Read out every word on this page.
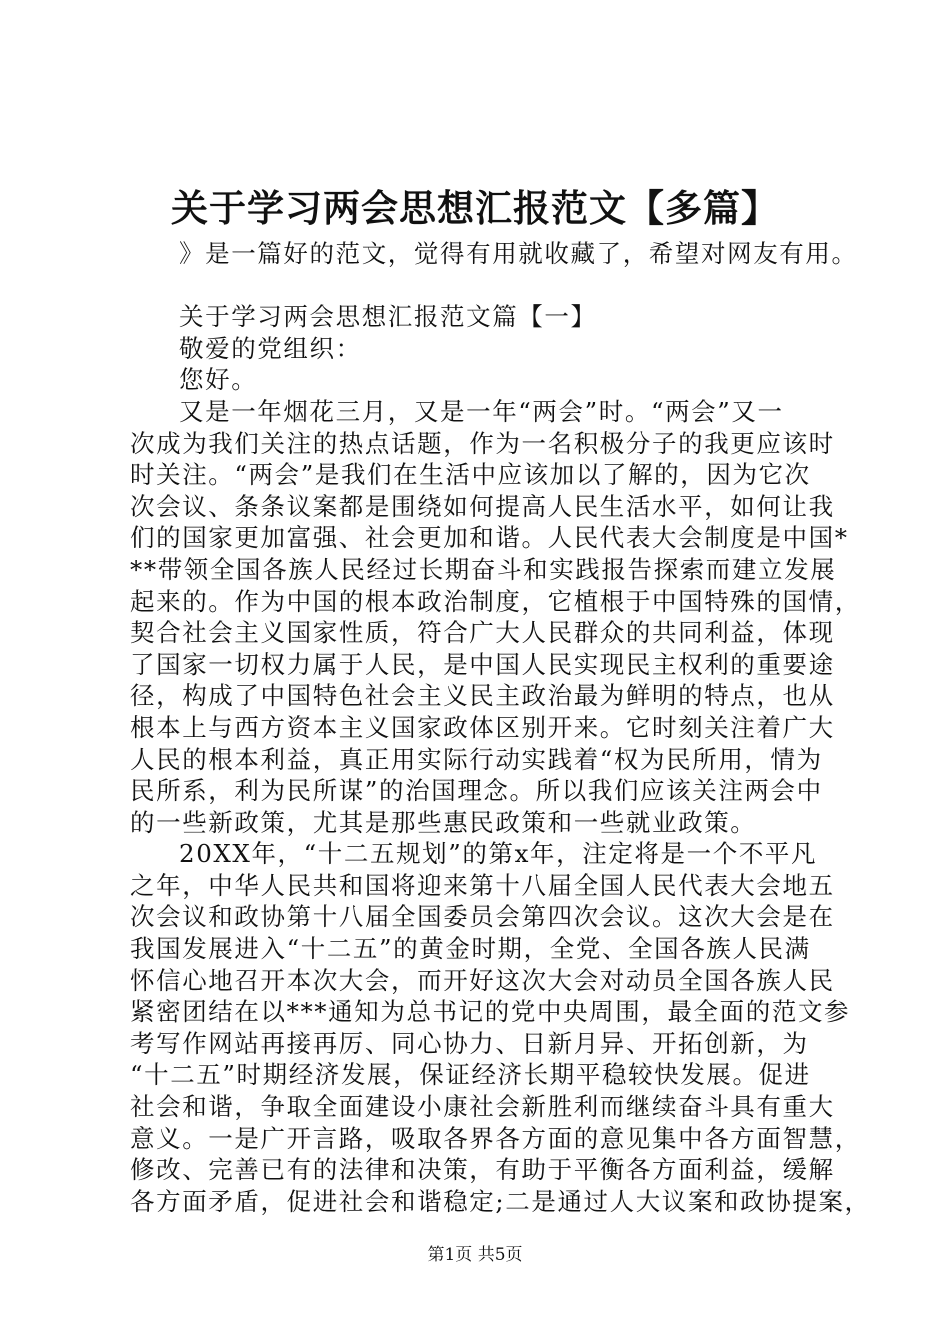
关于学习两会思想汇报范文【多篇】
》是一篇好的范文，觉得有用就收藏了，希望对网友有用。
关于学习两会思想汇报范文篇【一】
敬爱的党组织：
您好。
又是一年烟花三月，又是一年“两会”时。“两会”又一
次成为我们关注的热点话题，作为一名积极分子的我更应该时
时关注。“两会”是我们在生活中应该加以了解的，因为它次
次会议、条条议案都是围绕如何提高人民生活水平，如何让我
们的国家更加富强、社会更加和谐。人民代表大会制度是中国*
**带领全国各族人民经过长期奋斗和实践报告探索而建立发展
起来的。作为中国的根本政治制度，它植根于中国特殊的国情，
契合社会主义国家性质，符合广大人民群众的共同利益，体现
了国家一切权力属于人民，是中国人民实现民主权利的重要途
径，构成了中国特色社会主义民主政治最为鲜明的特点，也从
根本上与西方资本主义国家政体区别开来。它时刻关注着广大
人民的根本利益，真正用实际行动实践着“权为民所用，情为
民所系，利为民所谋”的治国理念。所以我们应该关注两会中
的一些新政策，尤其是那些惠民政策和一些就业政策。
20XX年，“十二五规划”的第x年，注定将是一个不平凡
之年，中华人民共和国将迎来第十八届全国人民代表大会地五
次会议和政协第十八届全国委员会第四次会议。这次大会是在
我国发展进入“十二五”的黄金时期，全党、全国各族人民满
怀信心地召开本次大会，而开好这次大会对动员全国各族人民
紧密团结在以***通知为总书记的党中央周围，最全面的范文参
考写作网站再接再厉、同心协力、日新月异、开拓创新，为
“十二五”时期经济发展，保证经济长期平稳较快发展。促进
社会和谐，争取全面建设小康社会新胜利而继续奋斗具有重大
意义。一是广开言路，吸取各界各方面的意见集中各方面智慧，
修改、完善已有的法律和决策，有助于平衡各方面利益，缓解
各方面矛盾，促进社会和谐稳定;二是通过人大议案和政协提案，
第1页 共5页
